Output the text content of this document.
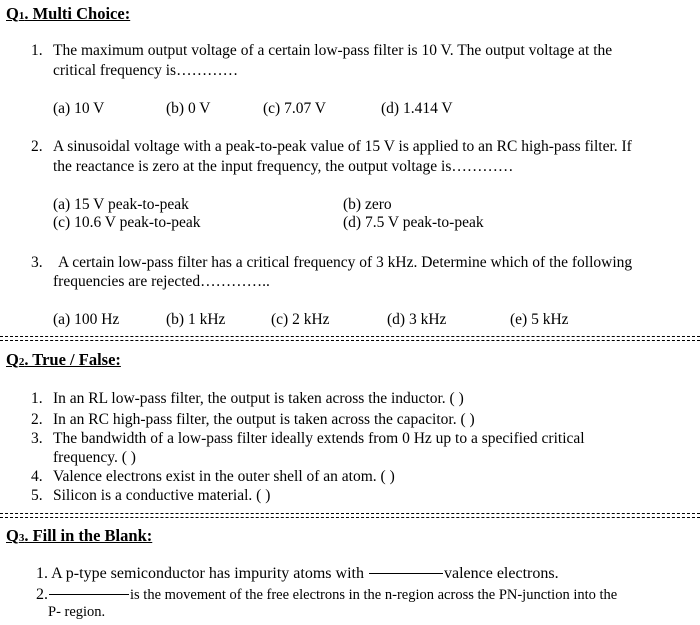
Q1. Multi Choice:
1. The maximum output voltage of a certain low-pass filter is 10 V. The output voltage at the
critical frequency is…………
(a) 10 V	(b) 0 V	(c) 7.07 V	(d) 1.414 V
2. A sinusoidal voltage with a peak-to-peak value of 15 V is applied to an RC high-pass filter. If
the reactance is zero at the input frequency, the output voltage is…………
(a) 15 V peak-to-peak	(b) zero
(c) 10.6 V peak-to-peak	(d) 7.5 V peak-to-peak
3. A certain low-pass filter has a critical frequency of 3 kHz. Determine which of the following
frequencies are rejected…………..
(a) 100 Hz	(b) 1 kHz	(c) 2 kHz	(d) 3 kHz	(e) 5 kHz
Q2. True / False:
1. In an RL low-pass filter, the output is taken across the inductor. ( )
2. In an RC high-pass filter, the output is taken across the capacitor. ( )
3. The bandwidth of a low-pass filter ideally extends from 0 Hz up to a specified critical
frequency. ( )
4. Valence electrons exist in the outer shell of an atom. ( )
5. Silicon is a conductive material. ( )
Q3. Fill in the Blank:
1. A p-type semiconductor has impurity atoms with	valence electrons.
2.	is the movement of the free electrons in the n-region across the PN-junction into the
P- region.
